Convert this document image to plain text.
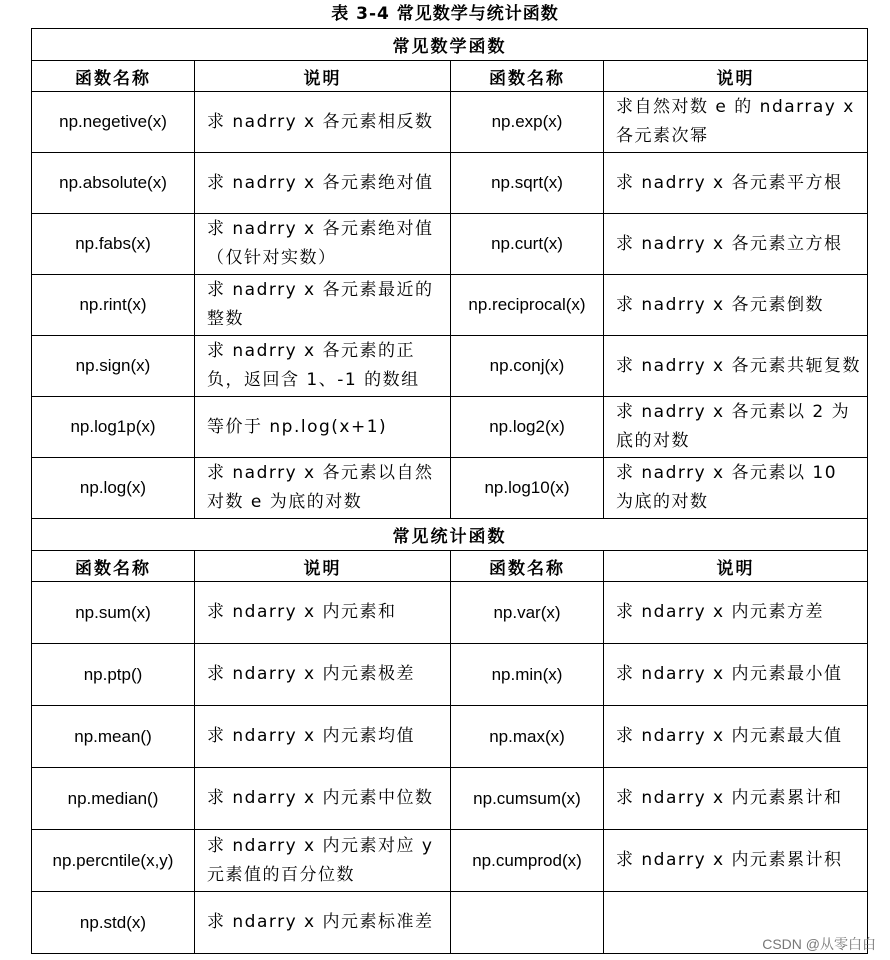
表 3-4 常见数学与统计函数
常见数学函数			
函数名称	说明	函数名称	说明
np.negetive(x)	求 nadrry x 各元素相反数	np.exp(x)	求自然对数 e 的 ndarray x 各元素次幂
np.absolute(x)	求 nadrry x 各元素绝对值	np.sqrt(x)	求 nadrry x 各元素平方根
np.fabs(x)	求 nadrry x 各元素绝对值（仅针对实数）	np.curt(x)	求 nadrry x 各元素立方根
np.rint(x)	求 nadrry x 各元素最近的整数	np.reciprocal(x)	求 nadrry x 各元素倒数
np.sign(x)	求 nadrry x 各元素的正负，返回含 1、-1 的数组	np.conj(x)	求 nadrry x 各元素共轭复数
np.log1p(x)	等价于 np.log(x+1)	np.log2(x)	求 nadrry x 各元素以 2 为底的对数
np.log(x)	求 nadrry x 各元素以自然对数 e 为底的对数	np.log10(x)	求 nadrry x 各元素以 10 为底的对数
常见统计函数			
函数名称	说明	函数名称	说明
np.sum(x)	求 ndarry x 内元素和	np.var(x)	求 ndarry x 内元素方差
np.ptp()	求 ndarry x 内元素极差	np.min(x)	求 ndarry x 内元素最小值
np.mean()	求 ndarry x 内元素均值	np.max(x)	求 ndarry x 内元素最大值
np.median()	求 ndarry x 内元素中位数	np.cumsum(x)	求 ndarry x 内元素累计和
np.percntile(x,y)	求 ndarry x 内元素对应 y 元素值的百分位数	np.cumprod(x)	求 ndarry x 内元素累计积
np.std(x)	求 ndarry x 内元素标准差		
CSDN @从零白白
